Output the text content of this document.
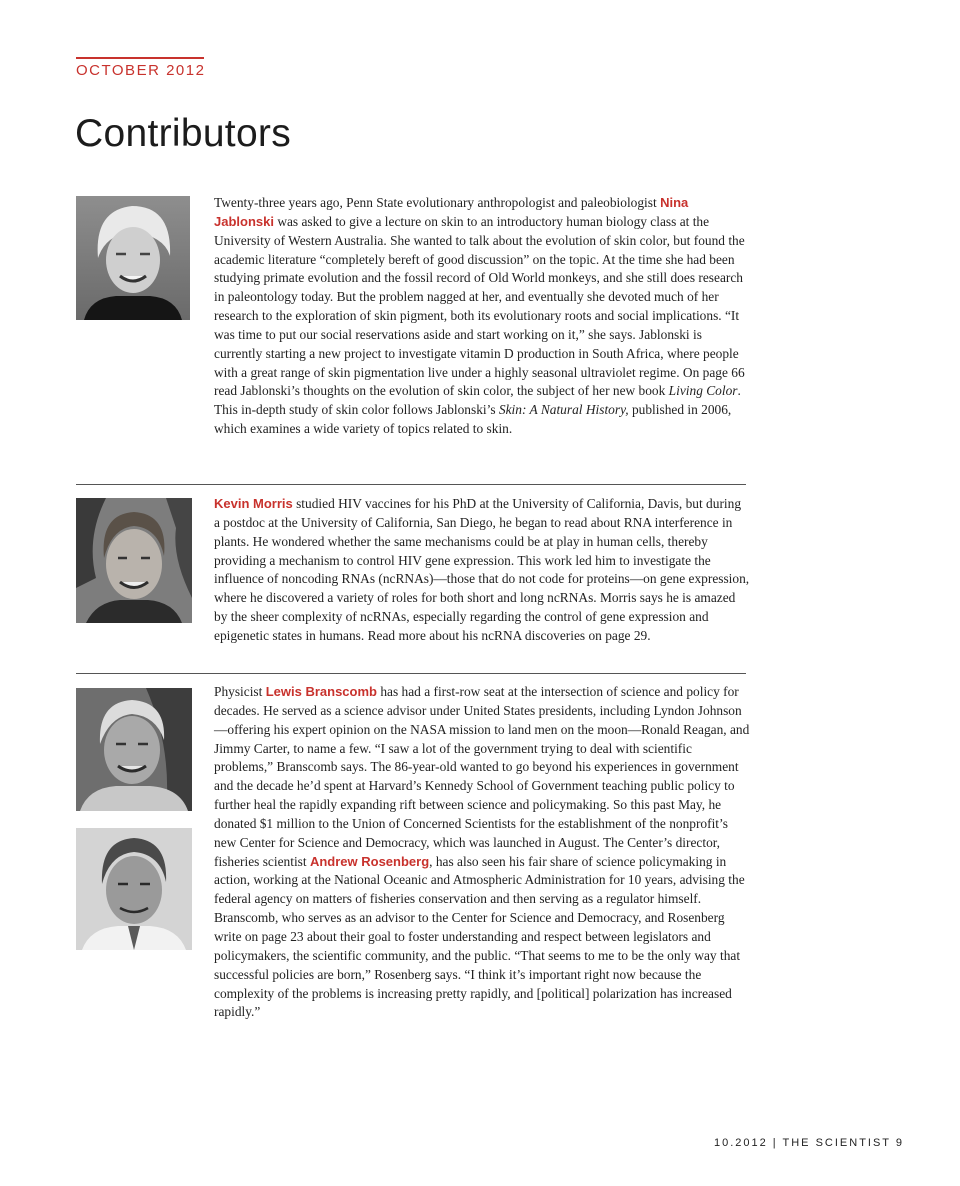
OCTOBER 2012

Contributors

Twenty-three years ago, Penn State evolutionary anthropologist and paleobiologist Nina Jablonski was asked to give a lecture on skin to an introductory human biology class at the University of Western Australia. She wanted to talk about the evolution of skin color, but found the academic literature “completely bereft of good discussion” on the topic. At the time she had been studying primate evolution and the fossil record of Old World monkeys, and she still does research in paleontology today. But the problem nagged at her, and eventually she devoted much of her research to the exploration of skin pigment, both its evolutionary roots and social implications. “It was time to put our social reservations aside and start working on it,” she says. Jablonski is currently starting a new project to investigate vitamin D production in South Africa, where people with a great range of skin pigmentation live under a highly seasonal ultraviolet regime. On page 66 read Jablonski’s thoughts on the evolution of skin color, the subject of her new book Living Color. This in-depth study of skin color follows Jablonski’s Skin: A Natural History, published in 2006, which examines a wide variety of topics related to skin.

Kevin Morris studied HIV vaccines for his PhD at the University of California, Davis, but during a postdoc at the University of California, San Diego, he began to read about RNA interference in plants. He wondered whether the same mechanisms could be at play in human cells, thereby providing a mechanism to control HIV gene expression. This work led him to investigate the influence of noncoding RNAs (ncRNAs)—those that do not code for proteins—on gene expression, where he discovered a variety of roles for both short and long ncRNAs. Morris says he is amazed by the sheer complexity of ncRNAs, especially regarding the control of gene expression and epigenetic states in humans. Read more about his ncRNA discoveries on page 29.

Physicist Lewis Branscomb has had a first-row seat at the intersection of science and policy for decades. He served as a science advisor under United States presidents, including Lyndon Johnson—offering his expert opinion on the NASA mission to land men on the moon—Ronald Reagan, and Jimmy Carter, to name a few. “I saw a lot of the government trying to deal with scientific problems,” Branscomb says. The 86-year-old wanted to go beyond his experiences in government and the decade he’d spent at Harvard’s Kennedy School of Government teaching public policy to further heal the rapidly expanding rift between science and policymaking. So this past May, he donated $1 million to the Union of Concerned Scientists for the establishment of the nonprofit’s new Center for Science and Democracy, which was launched in August. The Center’s director, fisheries scientist Andrew Rosenberg, has also seen his fair share of science policymaking in action, working at the National Oceanic and Atmospheric Administration for 10 years, advising the federal agency on matters of fisheries conservation and then serving as a regulator himself. Branscomb, who serves as an advisor to the Center for Science and Democracy, and Rosenberg write on page 23 about their goal to foster understanding and respect between legislators and policymakers, the scientific community, and the public. “That seems to me to be the only way that successful policies are born,” Rosenberg says. “I think it’s important right now because the complexity of the problems is increasing pretty rapidly, and [political] polarization has increased rapidly.”

10.2012 | THE SCIENTIST 9
